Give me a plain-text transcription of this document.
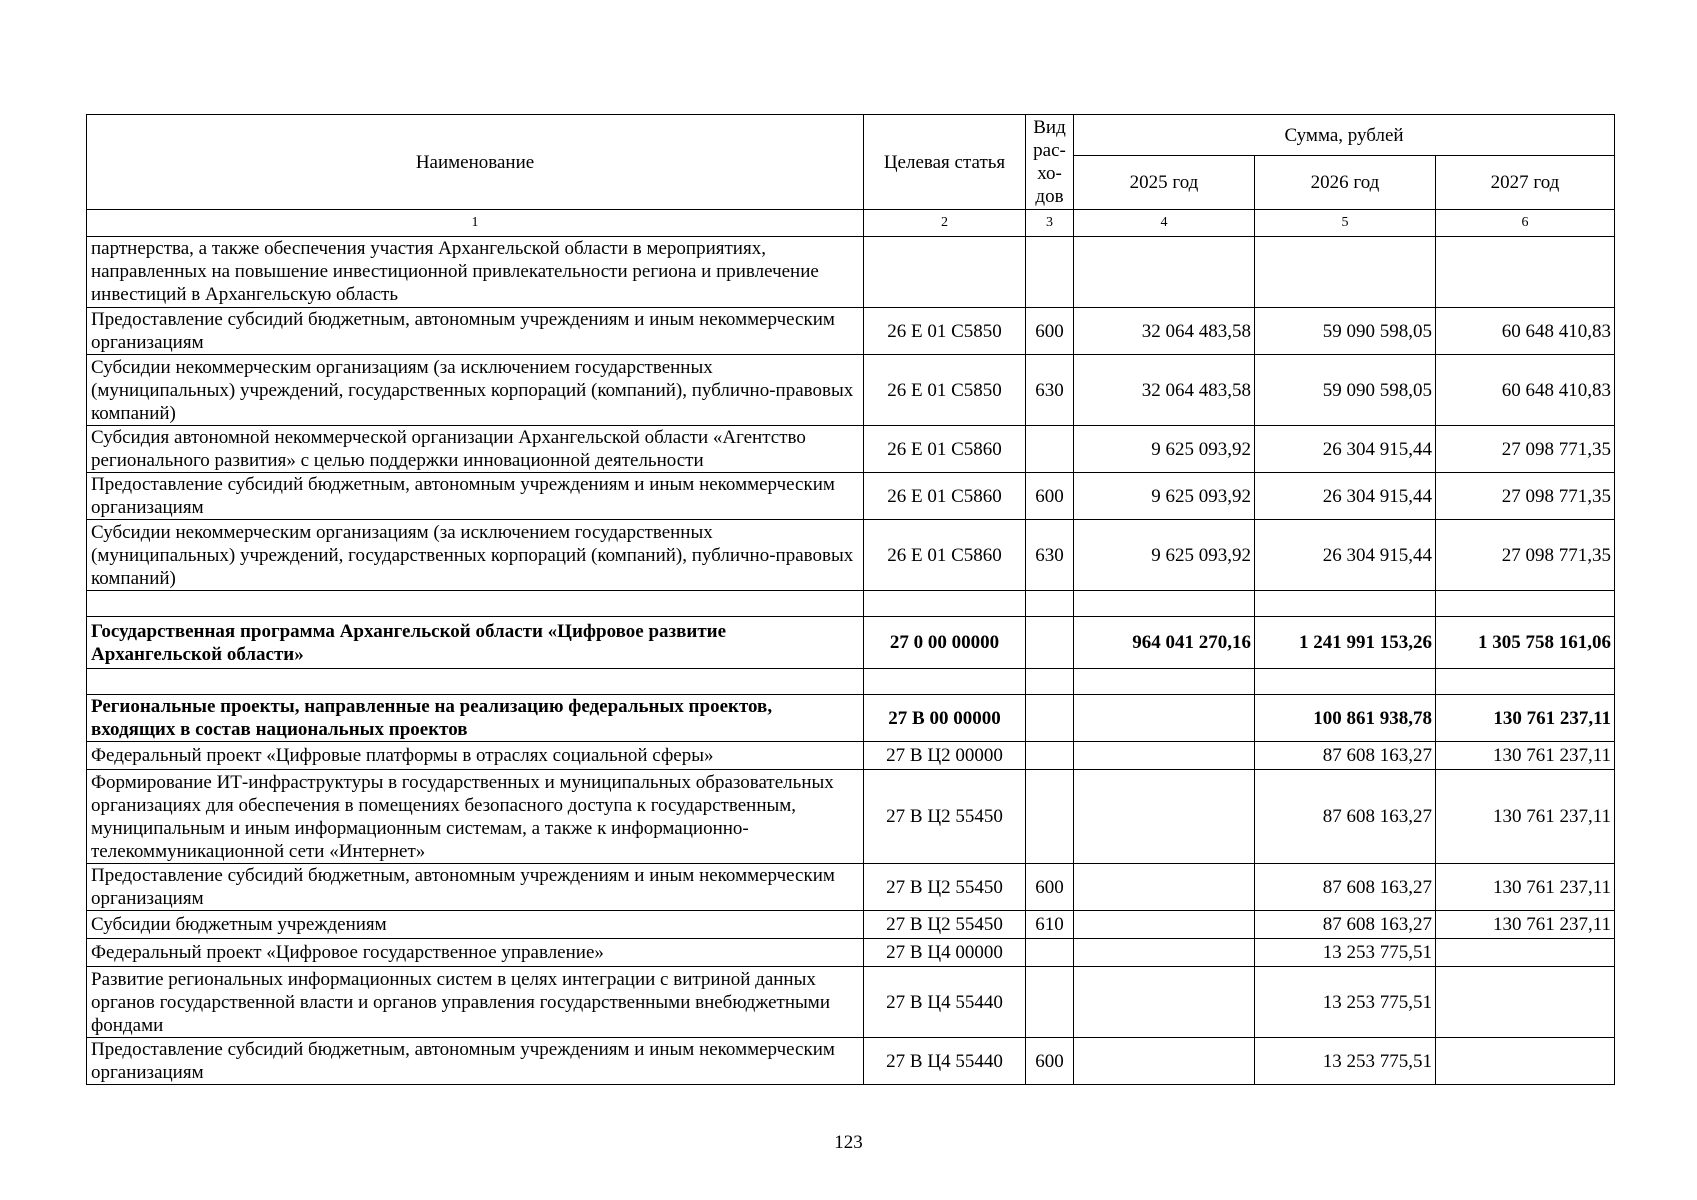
Наименование	Целевая статья	Вид рас-хо-дов	Сумма, рублей		
			2025 год	2026 год	2027 год
1	2	3	4	5	6
партнерства, а также обеспечения участия Архангельской области в мероприятиях, направленных на повышение инвестиционной привлекательности региона и привлечение инвестиций в Архангельскую область					
Предоставление субсидий бюджетным, автономным учреждениям и иным некоммерческим организациям	26 Е 01 С5850	600	32 064 483,58	59 090 598,05	60 648 410,83
Субсидии некоммерческим организациям (за исключением государственных (муниципальных) учреждений, государственных корпораций (компаний), публично-правовых компаний)	26 Е 01 С5850	630	32 064 483,58	59 090 598,05	60 648 410,83
Субсидия автономной некоммерческой организации Архангельской области «Агентство регионального развития» с целью поддержки инновационной деятельности	26 Е 01 С5860		9 625 093,92	26 304 915,44	27 098 771,35
Предоставление субсидий бюджетным, автономным учреждениям и иным некоммерческим организациям	26 Е 01 С5860	600	9 625 093,92	26 304 915,44	27 098 771,35
Субсидии некоммерческим организациям (за исключением государственных (муниципальных) учреждений, государственных корпораций (компаний), публично-правовых компаний)	26 Е 01 С5860	630	9 625 093,92	26 304 915,44	27 098 771,35

Государственная программа Архангельской области «Цифровое развитие Архангельской области»	27 0 00 00000		964 041 270,16	1 241 991 153,26	1 305 758 161,06

Региональные проекты, направленные на реализацию федеральных проектов, входящих в состав национальных проектов	27 В 00 00000			100 861 938,78	130 761 237,11
Федеральный проект «Цифровые платформы в отраслях социальной сферы»	27 В Ц2 00000			87 608 163,27	130 761 237,11
Формирование ИТ-инфраструктуры в государственных и муниципальных образовательных организациях для обеспечения в помещениях безопасного доступа к государственным, муниципальным и иным информационным системам, а также к информационно-телекоммуникационной сети «Интернет»	27 В Ц2 55450			87 608 163,27	130 761 237,11
Предоставление субсидий бюджетным, автономным учреждениям и иным некоммерческим организациям	27 В Ц2 55450	600		87 608 163,27	130 761 237,11
Субсидии бюджетным учреждениям	27 В Ц2 55450	610		87 608 163,27	130 761 237,11
Федеральный проект «Цифровое государственное управление»	27 В Ц4 00000			13 253 775,51	
Развитие региональных информационных систем в целях интеграции с витриной данных органов государственной власти и органов управления государственными внебюджетными фондами	27 В Ц4 55440			13 253 775,51	
Предоставление субсидий бюджетным, автономным учреждениям и иным некоммерческим организациям	27 В Ц4 55440	600		13 253 775,51	
123
